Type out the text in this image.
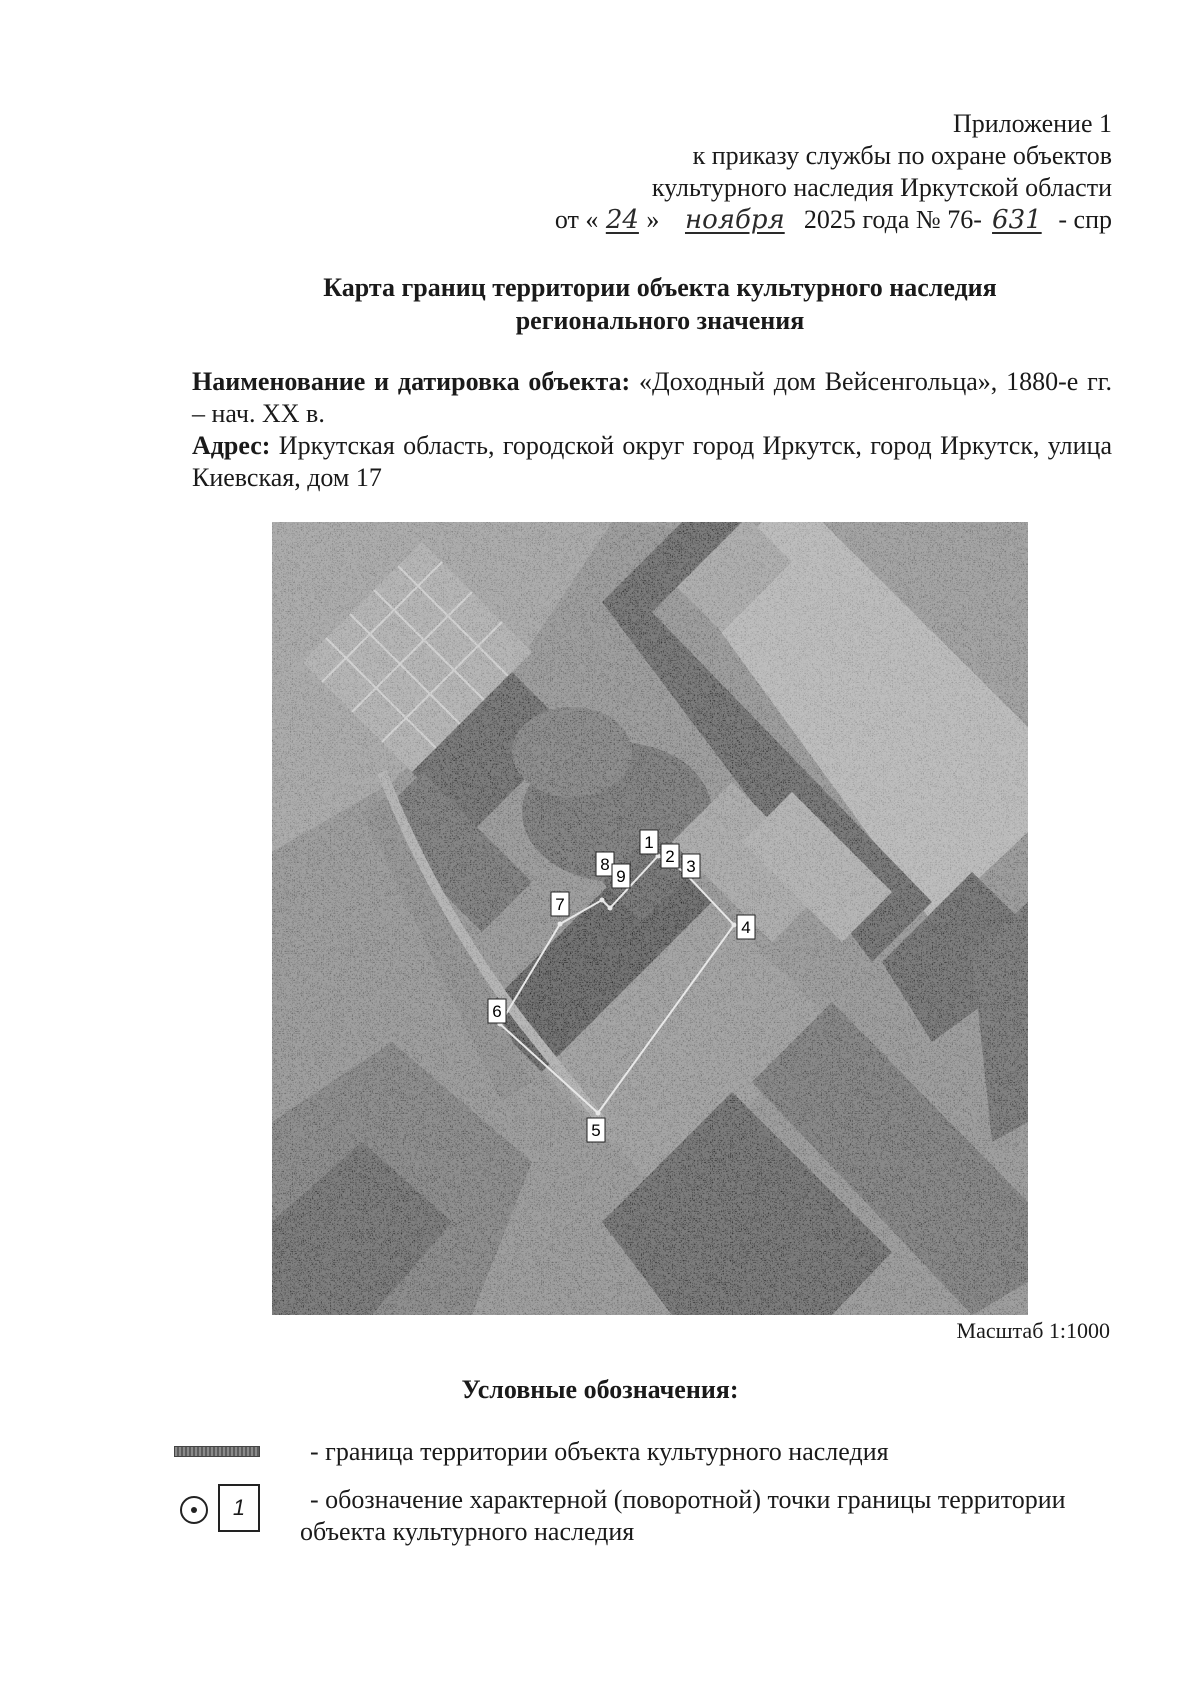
Приложение 1
к приказу службы по охране объектов
культурного наследия Иркутской области
от « 24 » ноября 2025 года № 76- 631 - спр
Карта границ территории объекта культурного наследия
регионального значения

Наименование и датировка объекта: «Доходный дом Вейсенгольца», 1880-е гг. – нач. XX в.

Адрес: Иркутская область, городской округ город Иркутск, город Иркутск, улица Киевская, дом 17

1
2
3
4
5
6
7
8
9
Масштаб 1:1000
Условные обозначения:
- граница территории объекта культурного наследия
1	- обозначение характерной (поворотной) точки границы территории объекта культурного наследия
